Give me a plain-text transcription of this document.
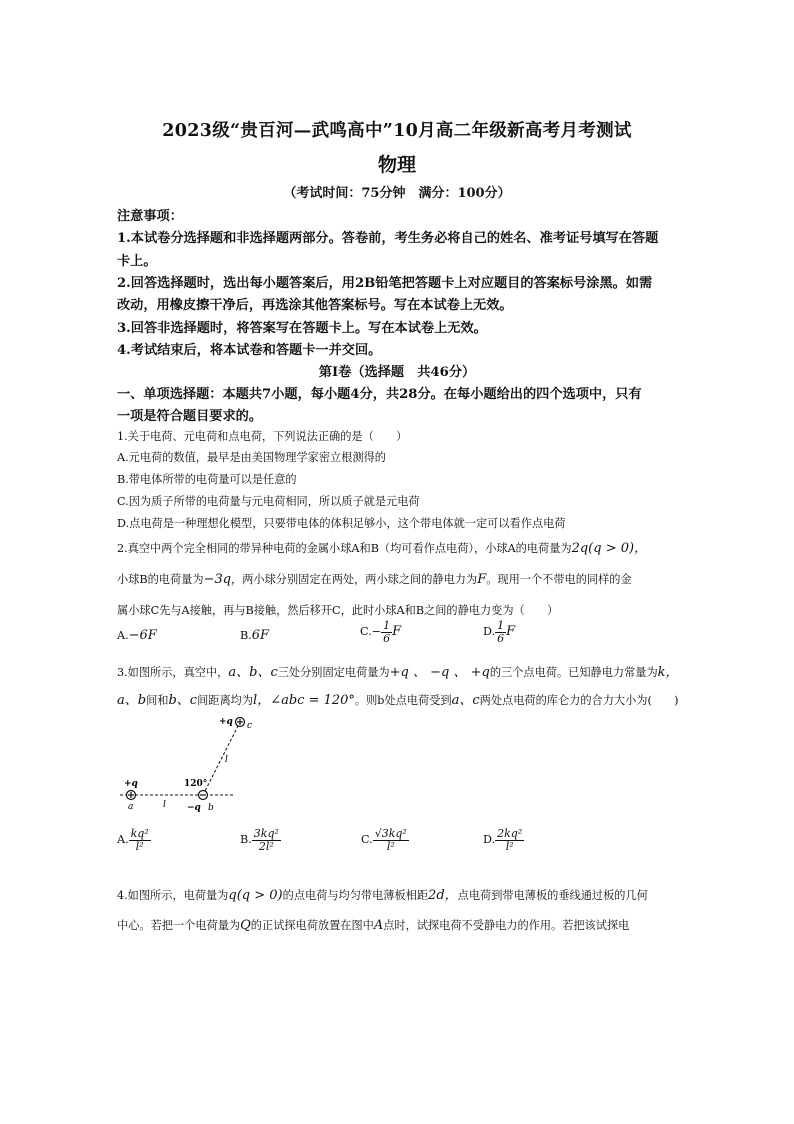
2023级“贵百河—武鸣高中”10月高二年级新高考月考测试
物理
（考试时间：75分钟　满分：100分）
注意事项：
1.本试卷分选择题和非选择题两部分。答卷前，考生务必将自己的姓名、准考证号填写在答题
卡上。
2.回答选择题时，选出每小题答案后，用2B铅笔把答题卡上对应题目的答案标号涂黑。如需
改动，用橡皮擦干净后，再选涂其他答案标号。写在本试卷上无效。
3.回答非选择题时，将答案写在答题卡上。写在本试卷上无效。
4.考试结束后，将本试卷和答题卡一并交回。
第Ⅰ卷（选择题　共46分）
一、单项选择题：本题共7小题，每小题4分，共28分。在每小题给出的四个选项中，只有
一项是符合题目要求的。
1.关于电荷、元电荷和点电荷，下列说法正确的是（　　）
A.元电荷的数值，最早是由美国物理学家密立根测得的
B.带电体所带的电荷量可以是任意的
C.因为质子所带的电荷量与元电荷相同，所以质子就是元电荷
D.点电荷是一种理想化模型，只要带电体的体积足够小，这个带电体就一定可以看作点电荷
2.真空中两个完全相同的带异种电荷的金属小球A和B（均可看作点电荷），小球A的电荷量为2q(q > 0)，
小球B的电荷量为−3q，两小球分别固定在两处，两小球之间的静电力为F。现用一个不带电的同样的金
属小球C先与A接触，再与B接触，然后移开C，此时小球A和B之间的静电力变为（　　）
A.−6F	B.6F	$C.- \frac{1}{6}$ F	D. $\frac{1}{6}$ F
3.如图所示，真空中，a、b、c三处分别固定电荷量为+q 、 −q 、 +q的三个点电荷。已知静电力常量为k，
a、b间和b、c间距离均为l，∠abc = 120°。则b处点电荷受到a、c两处点电荷的库仑力的合力大小为(　　)
+q c
l
+q
a
120°
l −q b
A. $\frac{\text{kq²}}{\text{l²}}$	B. $\frac{\text{3kq²}}{\text{2l²}}$	C. $\frac{\text{√3kq²}}{\text{l²}}$	D. $\frac{\text{2kq²}}{\text{l²}}$
4.如图所示，电荷量为q(q > 0)的点电荷与均匀带电薄板相距2d，点电荷到带电薄板的垂线通过板的几何
中心。若把一个电荷量为Q的正试探电荷放置在图中A点时，试探电荷不受静电力的作用。若把该试探电
